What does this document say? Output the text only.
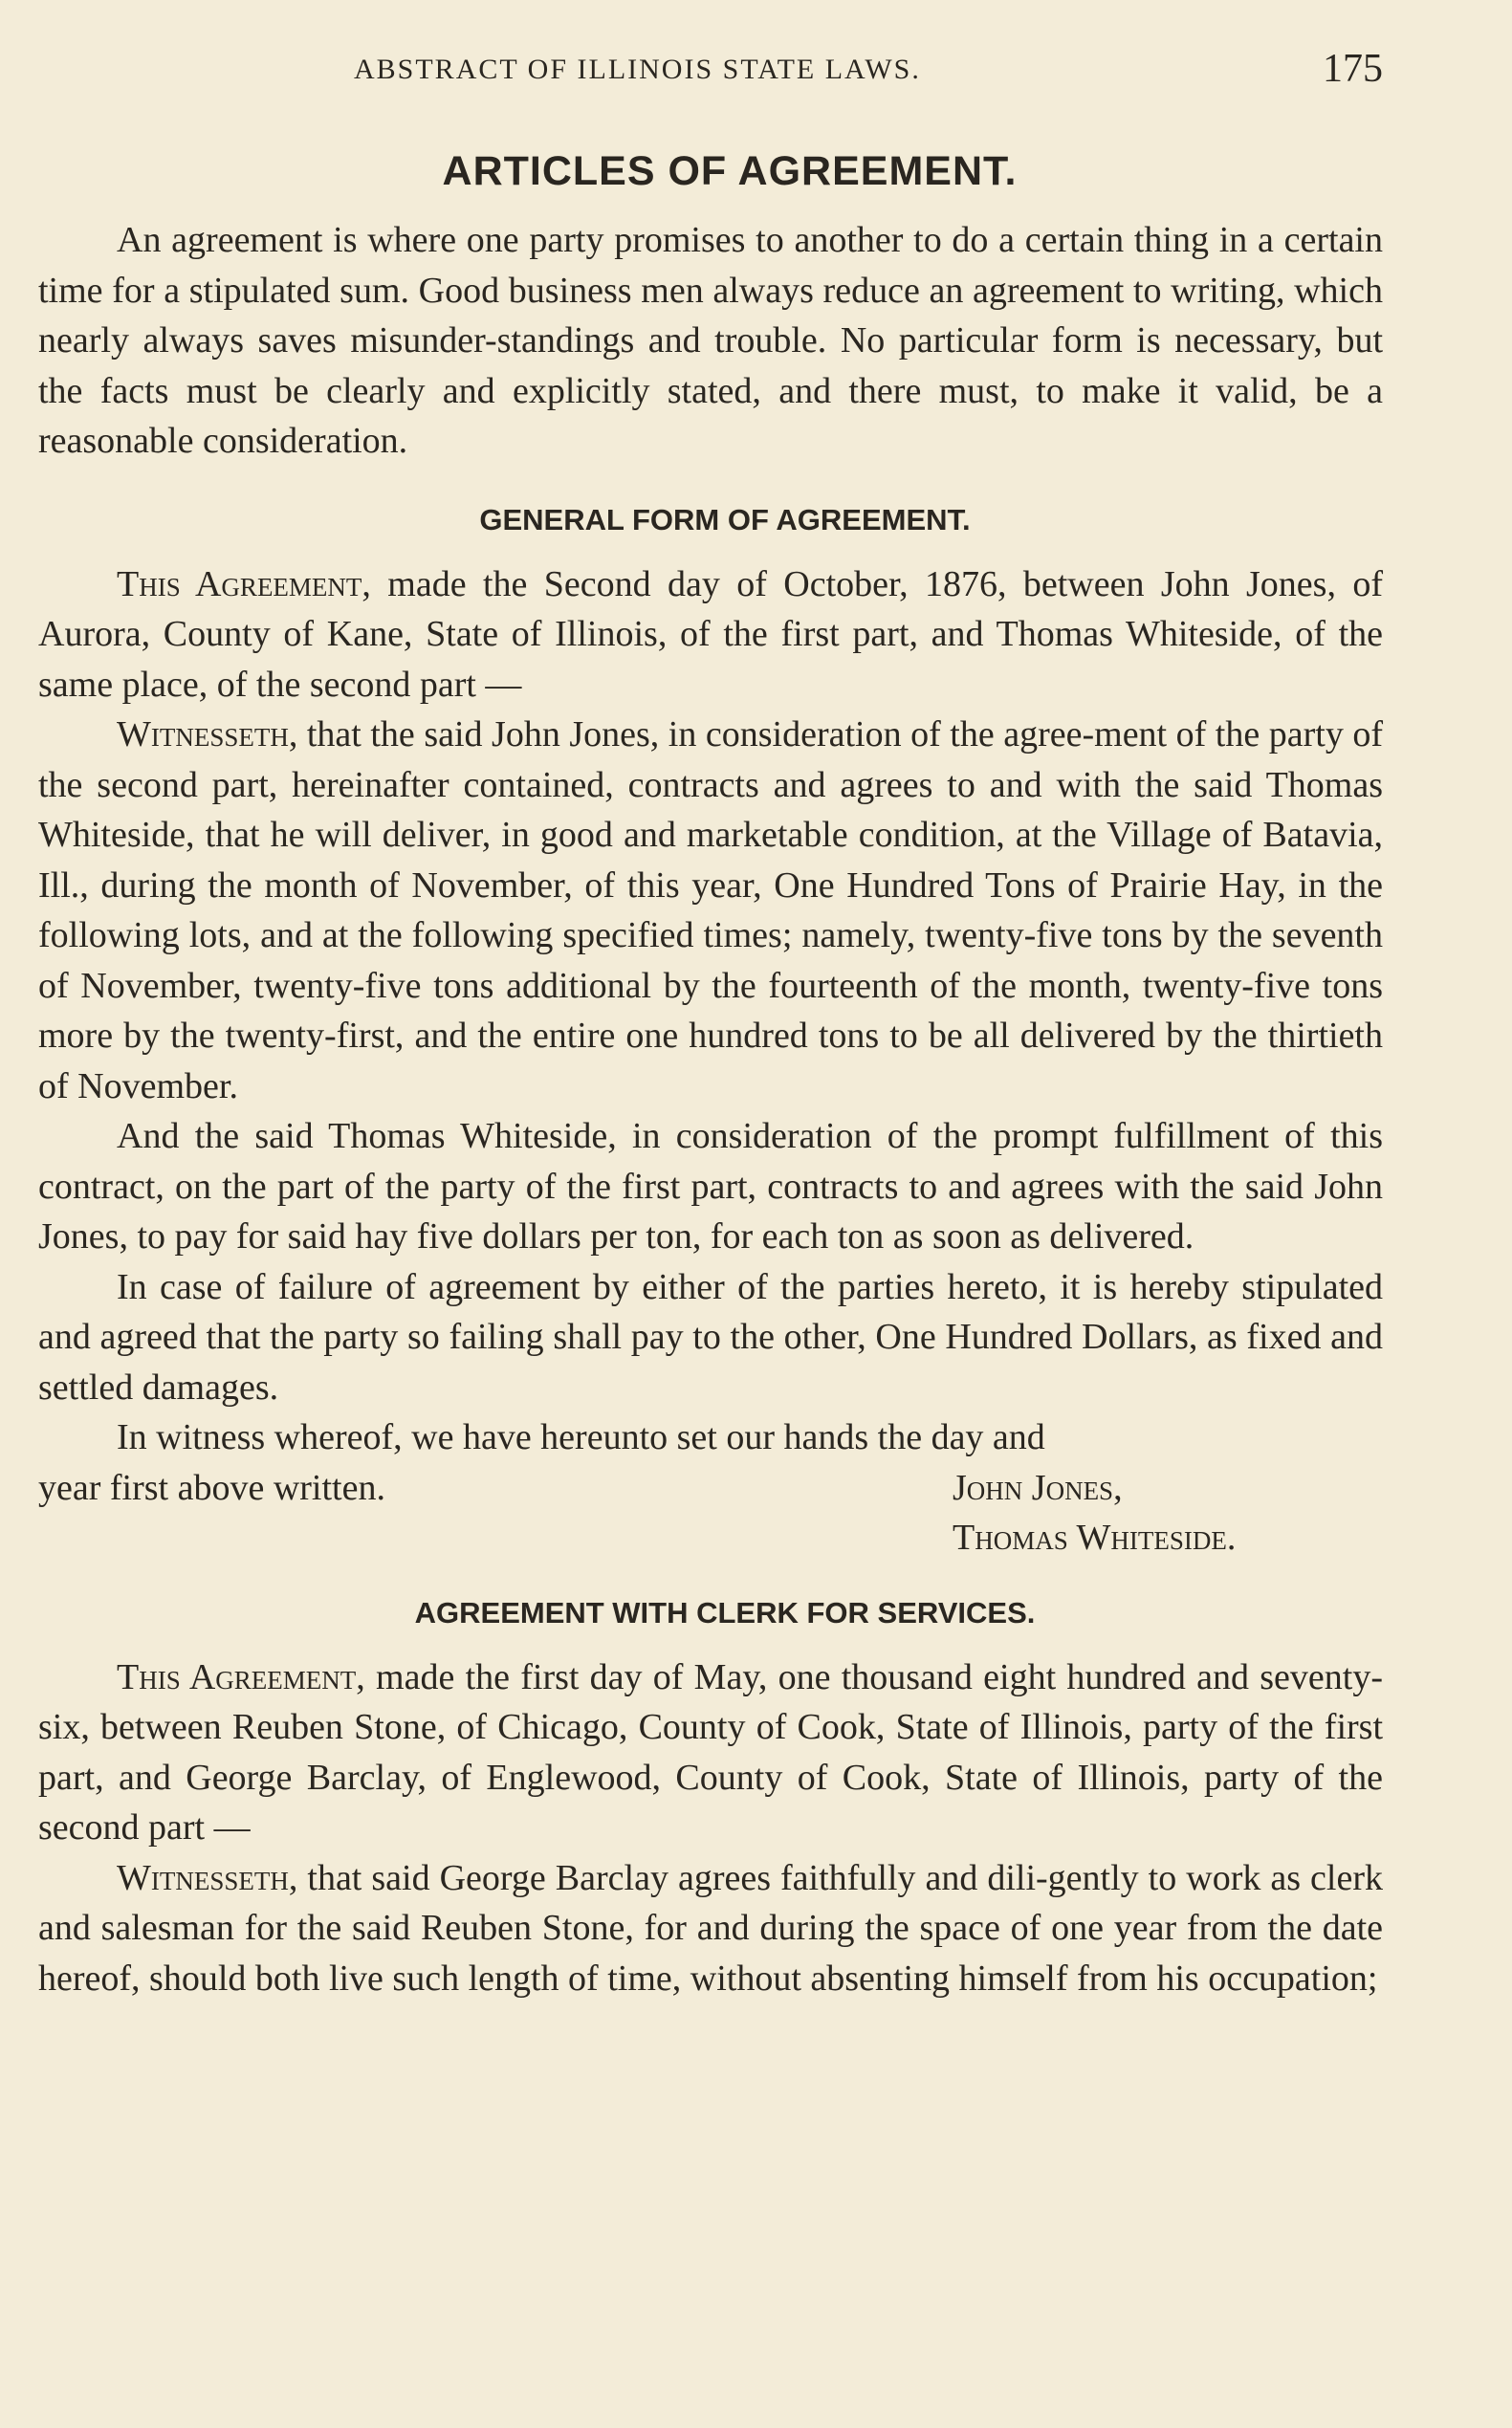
ABSTRACT OF ILLINOIS STATE LAWS.	175
ARTICLES OF AGREEMENT.

An agreement is where one party promises to another to do a certain thing in a certain time for a stipulated sum. Good business men always reduce an agreement to writing, which nearly always saves misunder-standings and trouble. No particular form is necessary, but the facts must be clearly and explicitly stated, and there must, to make it valid, be a reasonable consideration.

GENERAL FORM OF AGREEMENT.

This Agreement, made the Second day of October, 1876, between John Jones, of Aurora, County of Kane, State of Illinois, of the first part, and Thomas Whiteside, of the same place, of the second part —

Witnesseth, that the said John Jones, in consideration of the agree-ment of the party of the second part, hereinafter contained, contracts and agrees to and with the said Thomas Whiteside, that he will deliver, in good and marketable condition, at the Village of Batavia, Ill., during the month of November, of this year, One Hundred Tons of Prairie Hay, in the following lots, and at the following specified times; namely, twenty-five tons by the seventh of November, twenty-five tons additional by the fourteenth of the month, twenty-five tons more by the twenty-first, and the entire one hundred tons to be all delivered by the thirtieth of November.

And the said Thomas Whiteside, in consideration of the prompt fulfillment of this contract, on the part of the party of the first part, contracts to and agrees with the said John Jones, to pay for said hay five dollars per ton, for each ton as soon as delivered.

In case of failure of agreement by either of the parties hereto, it is hereby stipulated and agreed that the party so failing shall pay to the other, One Hundred Dollars, as fixed and settled damages.

In witness whereof, we have hereunto set our hands the day and

year first above written.	John Jones,
Thomas Whiteside.
AGREEMENT WITH CLERK FOR SERVICES.

This Agreement, made the first day of May, one thousand eight hundred and seventy-six, between Reuben Stone, of Chicago, County of Cook, State of Illinois, party of the first part, and George Barclay, of Englewood, County of Cook, State of Illinois, party of the second part —

Witnesseth, that said George Barclay agrees faithfully and dili-gently to work as clerk and salesman for the said Reuben Stone, for and during the space of one year from the date hereof, should both live such length of time, without absenting himself from his occupation;
